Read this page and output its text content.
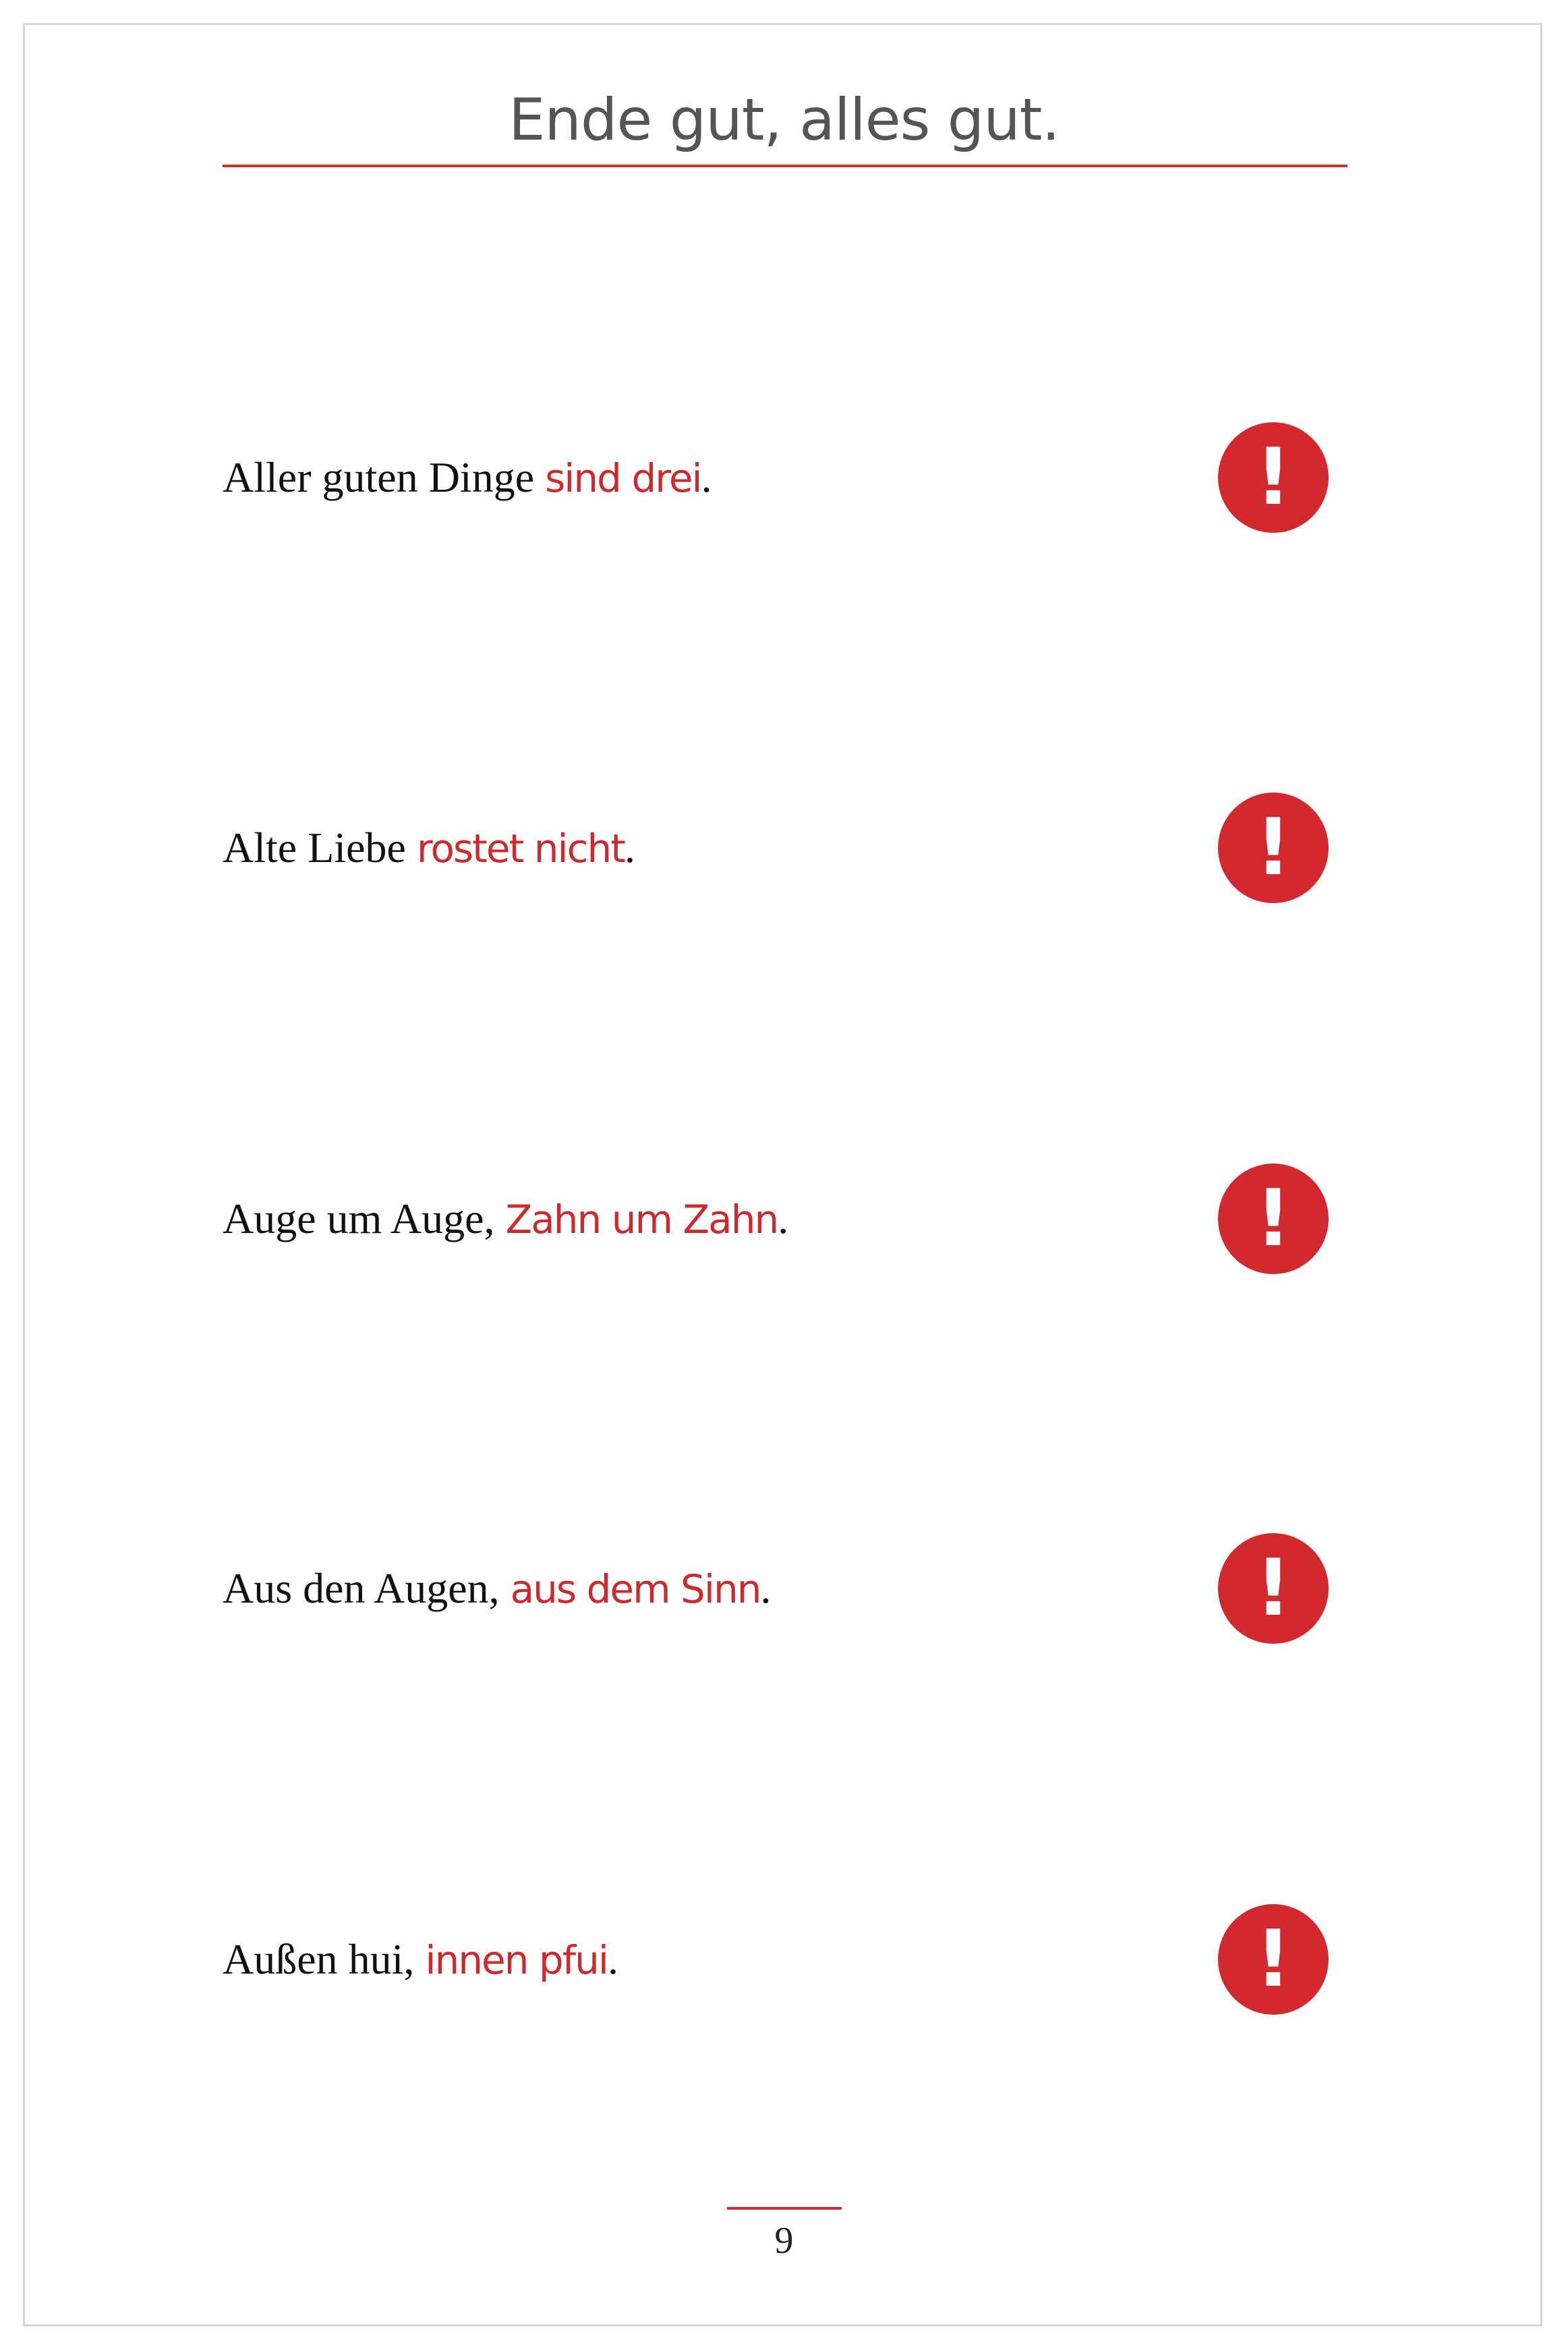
Ende gut, alles gut.
Aller guten Dinge sind drei.	!
Alte Liebe rostet nicht.	!
Auge um Auge, Zahn um Zahn.	!
Aus den Augen, aus dem Sinn.	!
Außen hui, innen pfui.	!
9
